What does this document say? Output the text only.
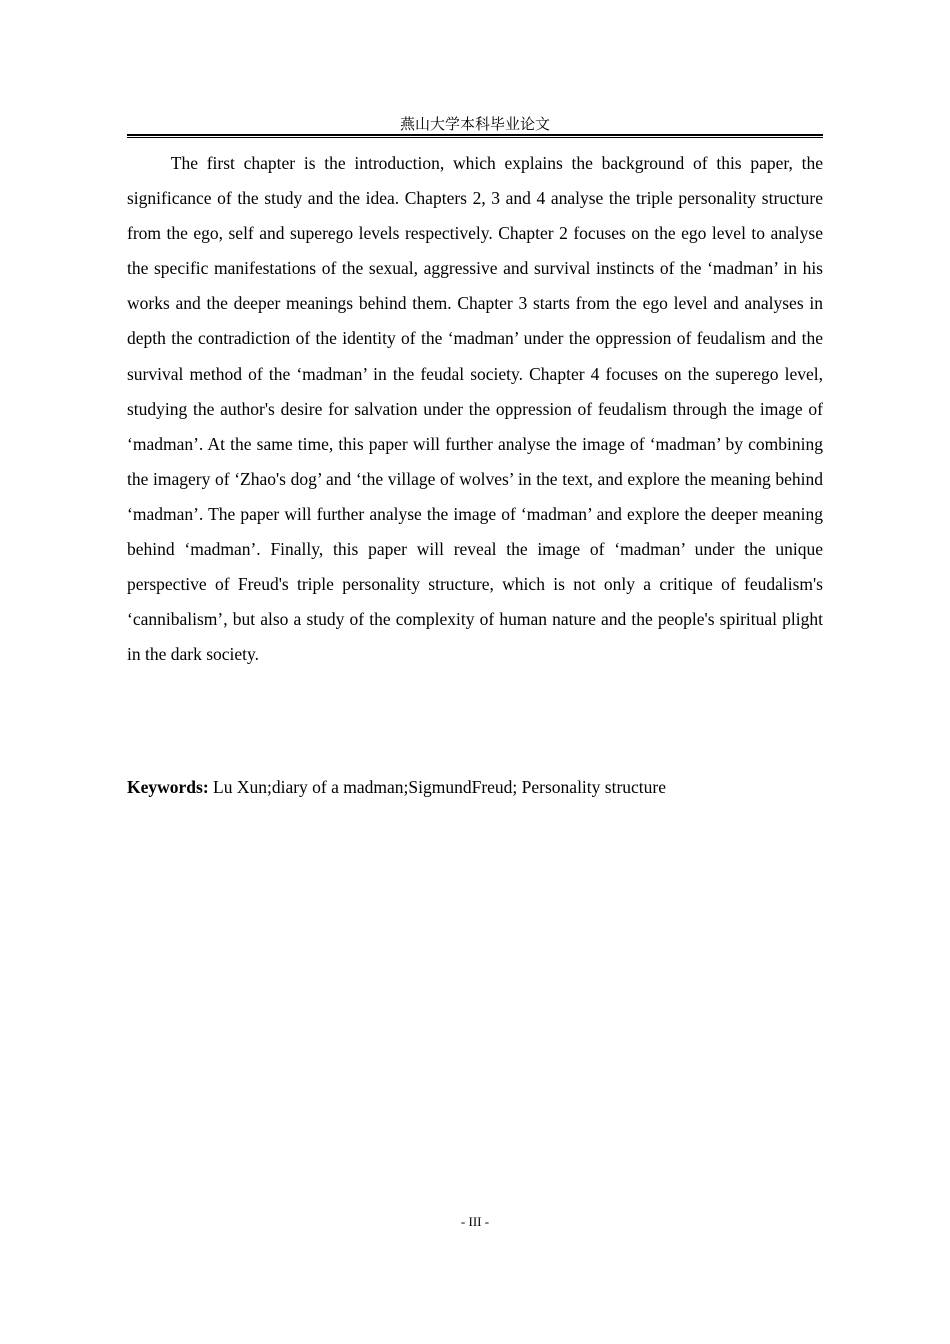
燕山大学本科毕业论文

The first chapter is the introduction, which explains the background of this paper, the significance of the study and the idea. Chapters 2, 3 and 4 analyse the triple personality structure from the ego, self and superego levels respectively. Chapter 2 focuses on the ego level to analyse the specific manifestations of the sexual, aggressive and survival instincts of the ‘madman’ in his works and the deeper meanings behind them. Chapter 3 starts from the ego level and analyses in depth the contradiction of the identity of the ‘madman’ under the oppression of feudalism and the survival method of the ‘madman’ in the feudal society. Chapter 4 focuses on the superego level, studying the author's desire for salvation under the oppression of feudalism through the image of ‘madman’. At the same time, this paper will further analyse the image of ‘madman’ by combining the imagery of ‘Zhao's dog’ and ‘the village of wolves’ in the text, and explore the meaning behind ‘madman’. The paper will further analyse the image of ‘madman’ and explore the deeper meaning behind ‘madman’. Finally, this paper will reveal the image of ‘madman’ under the unique perspective of Freud's triple personality structure, which is not only a critique of feudalism's ‘cannibalism’, but also a study of the complexity of human nature and the people's spiritual plight in the dark society.

Keywords: Lu Xun;diary of a madman;SigmundFreud; Personality structure

- III -
